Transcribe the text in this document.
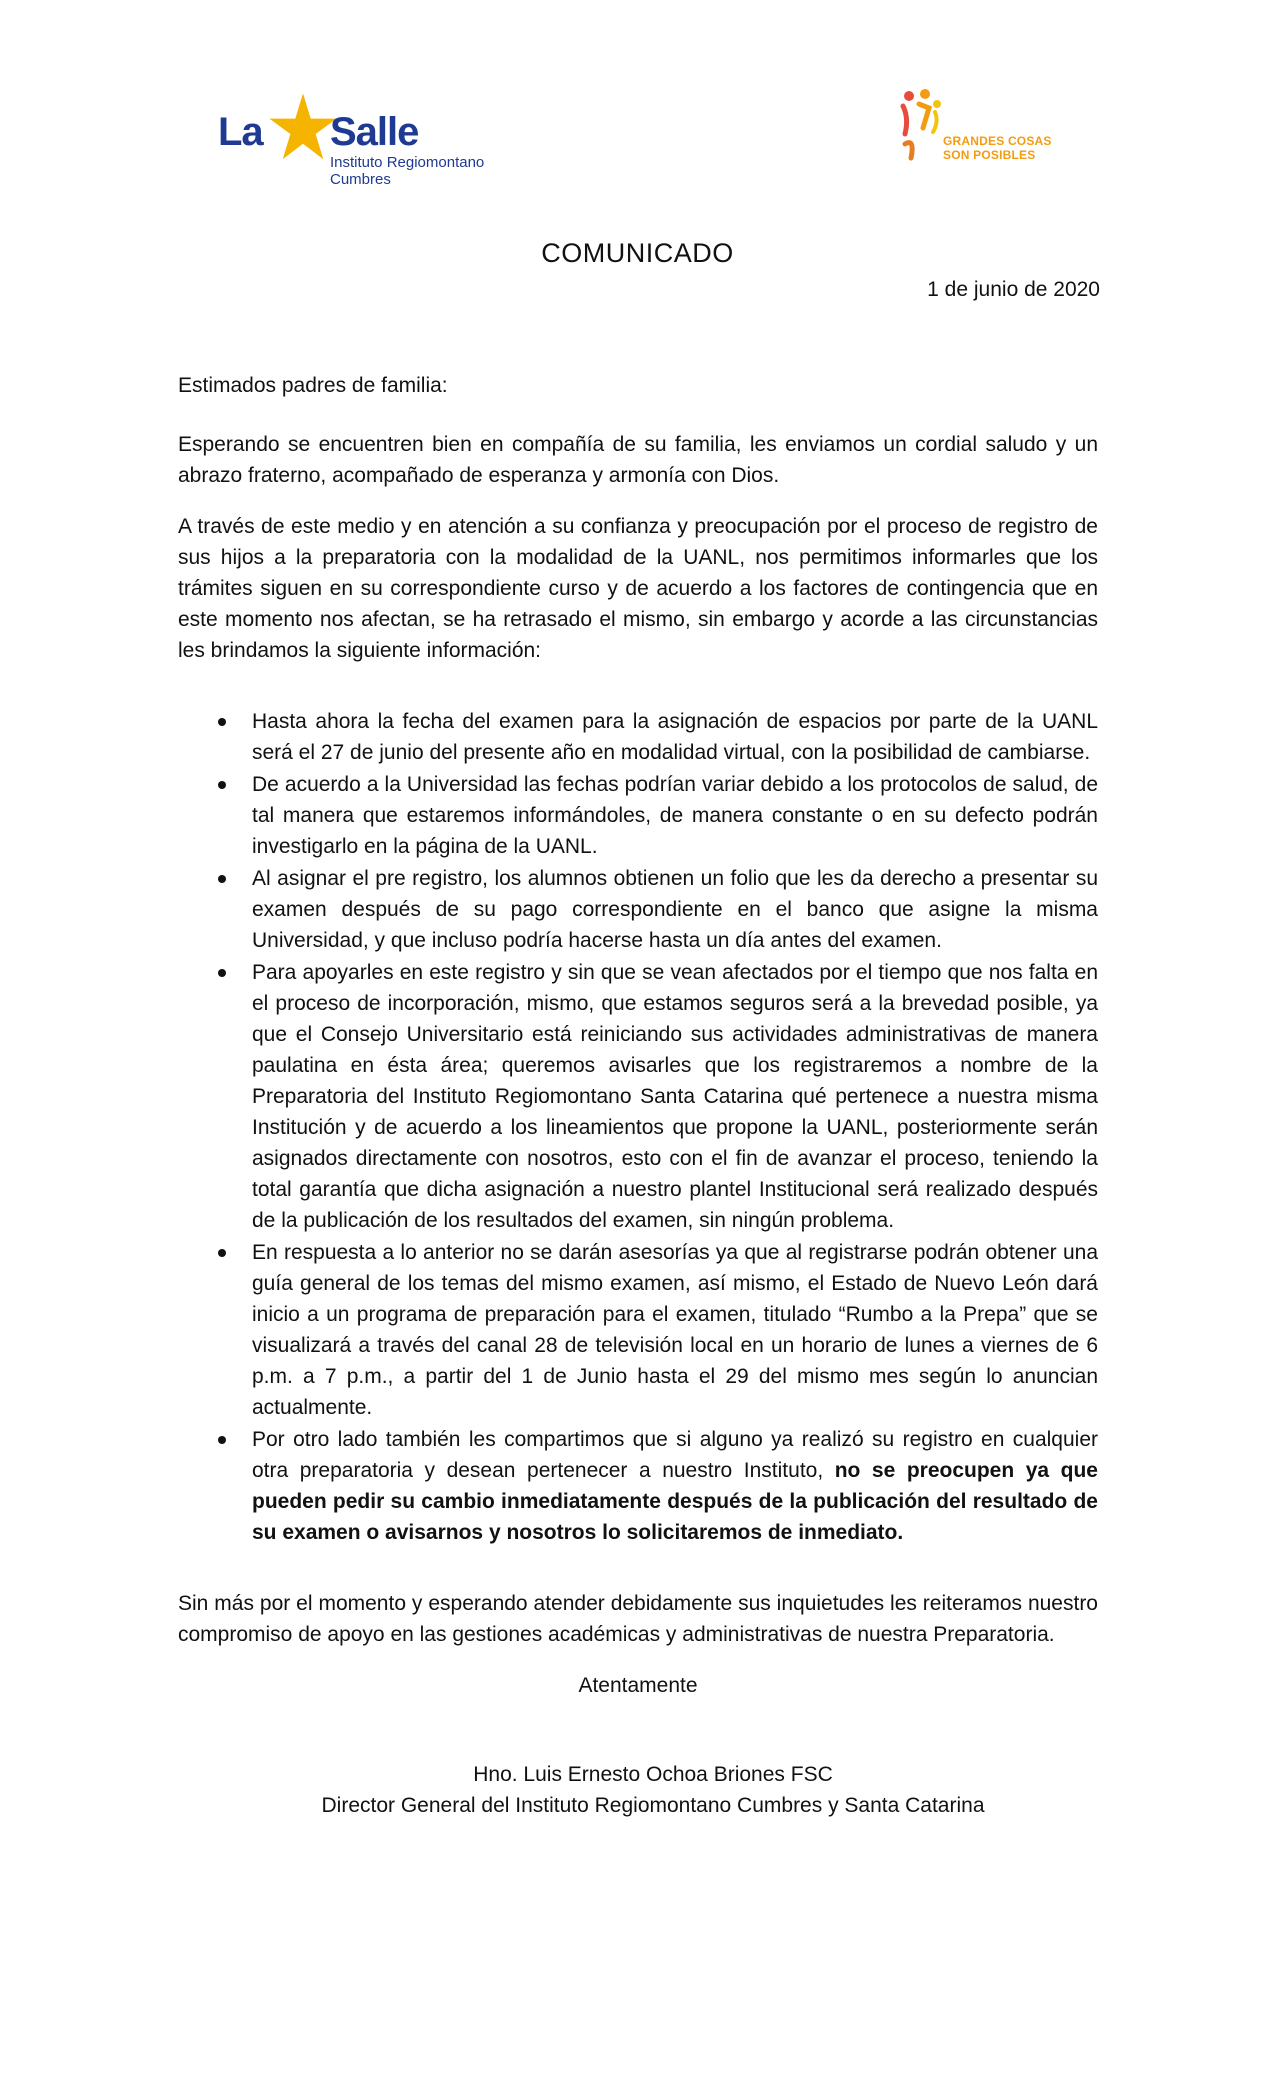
La Salle
Instituto Regiomontano
Cumbres
GRANDES COSAS
SON POSIBLES
COMUNICADO
1 de junio de 2020

Estimados padres de familia:

Esperando se encuentren bien en compañía de su familia, les enviamos un cordial saludo y un abrazo fraterno, acompañado de esperanza y armonía con Dios.

A través de este medio y en atención a su confianza y preocupación por el proceso de registro de sus hijos a la preparatoria con la modalidad de la UANL, nos permitimos informarles que los trámites siguen en su correspondiente curso y de acuerdo a los factores de contingencia que en este momento nos afectan, se ha retrasado el mismo, sin embargo y acorde a las circunstancias les brindamos la siguiente información:

Hasta ahora la fecha del examen para la asignación de espacios por parte de la UANL será el 27 de junio del presente año en modalidad virtual, con la posibilidad de cambiarse.
De acuerdo a la Universidad las fechas podrían variar debido a los protocolos de salud, de tal manera que estaremos informándoles, de manera constante o en su defecto podrán investigarlo en la página de la UANL.
Al asignar el pre registro, los alumnos obtienen un folio que les da derecho a presentar su examen después de su pago correspondiente en el banco que asigne la misma Universidad, y que incluso podría hacerse hasta un día antes del examen.
Para apoyarles en este registro y sin que se vean afectados por el tiempo que nos falta en el proceso de incorporación, mismo, que estamos seguros será a la brevedad posible, ya que el Consejo Universitario está reiniciando sus actividades administrativas de manera paulatina en ésta área; queremos avisarles que los registraremos a nombre de la Preparatoria del Instituto Regiomontano Santa Catarina qué pertenece a nuestra misma Institución y de acuerdo a los lineamientos que propone la UANL, posteriormente serán asignados directamente con nosotros, esto con el fin de avanzar el proceso, teniendo la total garantía que dicha asignación a nuestro plantel Institucional será realizado después de la publicación de los resultados del examen, sin ningún problema.
En respuesta a lo anterior no se darán asesorías ya que al registrarse podrán obtener una guía general de los temas del mismo examen, así mismo, el Estado de Nuevo León dará inicio a un programa de preparación para el examen, titulado “Rumbo a la Prepa” que se visualizará a través del canal 28 de televisión local en un horario de lunes a viernes de 6 p.m. a 7 p.m., a partir del 1 de Junio hasta el 29 del mismo mes según lo anuncian actualmente.
Por otro lado también les compartimos que si alguno ya realizó su registro en cualquier otra preparatoria y desean pertenecer a nuestro Instituto, no se preocupen ya que pueden pedir su cambio inmediatamente después de la publicación del resultado de su examen o avisarnos y nosotros lo solicitaremos de inmediato.

Sin más por el momento y esperando atender debidamente sus inquietudes les reiteramos nuestro compromiso de apoyo en las gestiones académicas y administrativas de nuestra Preparatoria.

Atentamente
Hno. Luis Ernesto Ochoa Briones FSC
Director General del Instituto Regiomontano Cumbres y Santa Catarina
